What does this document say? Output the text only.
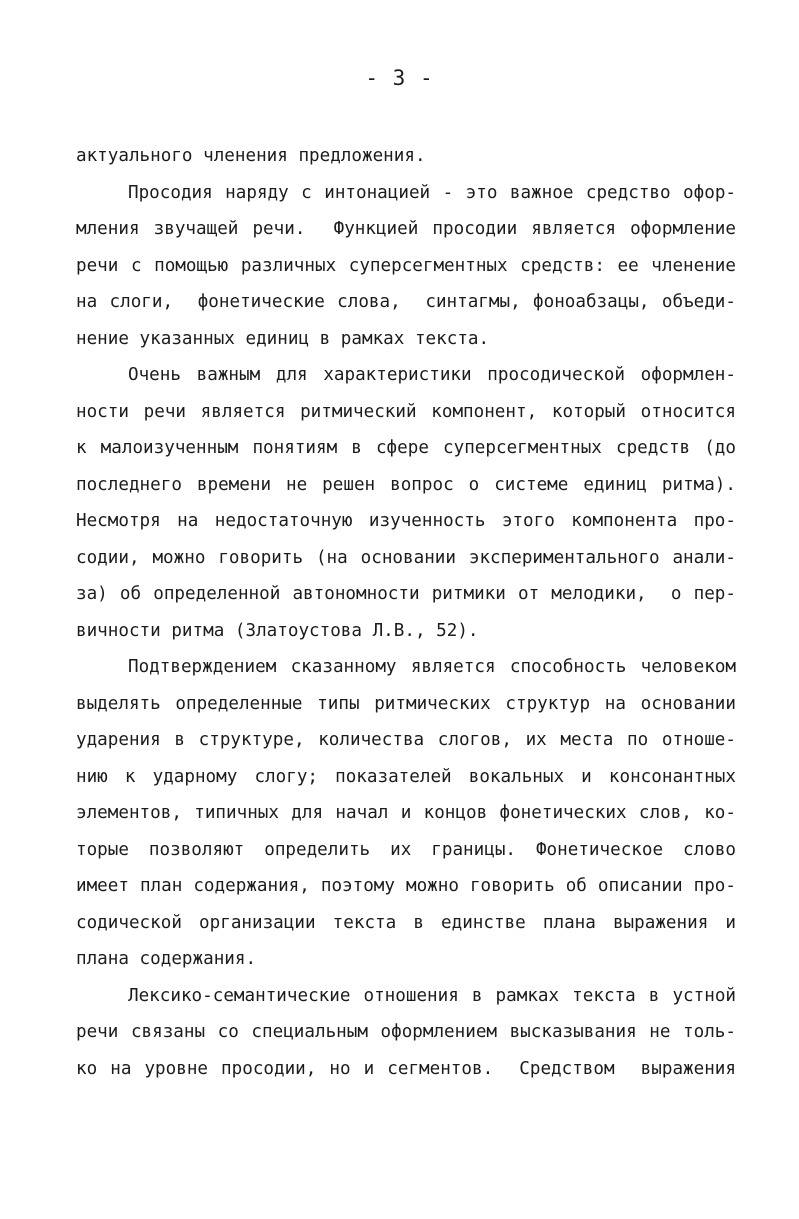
- 3 -
актуального членения предложения.
Просодия наряду с интонацией - это важное средство офор-
мления звучащей речи.  Функцией просодии является оформление
речи с помощью различных суперсегментных средств: ее членение
на слоги,  фонетические слова,  синтагмы, фоноабзацы, объеди-
нение указанных единиц в рамках текста.
Очень важным для характеристики просодической оформлен-
ности речи является ритмический компонент, который относится
к малоизученным понятиям в сфере суперсегментных средств (до
последнего времени не решен вопрос о системе единиц ритма).
Несмотря на недостаточную изученность этого компонента про-
содии, можно говорить (на основании экспериментального анали-
за) об определенной автономности ритмики от мелодики,  о пер-
вичности ритма (Златоустова Л.В., 52).
Подтверждением сказанному является способность человеком
выделять определенные типы ритмических структур на основании
ударения в структуре, количества слогов, их места по отноше-
нию к ударному слогу; показателей вокальных и консонантных
элементов, типичных для начал и концов фонетических слов, ко-
торые позволяют определить их границы. Фонетическое слово
имеет план содержания, поэтому можно говорить об описании про-
содической организации текста в единстве плана выражения и
плана содержания.
Лексико-семантические отношения в рамках текста в устной
речи связаны со специальным оформлением высказывания не толь-
ко на уровне просодии, но и сегментов.  Средством  выражения
